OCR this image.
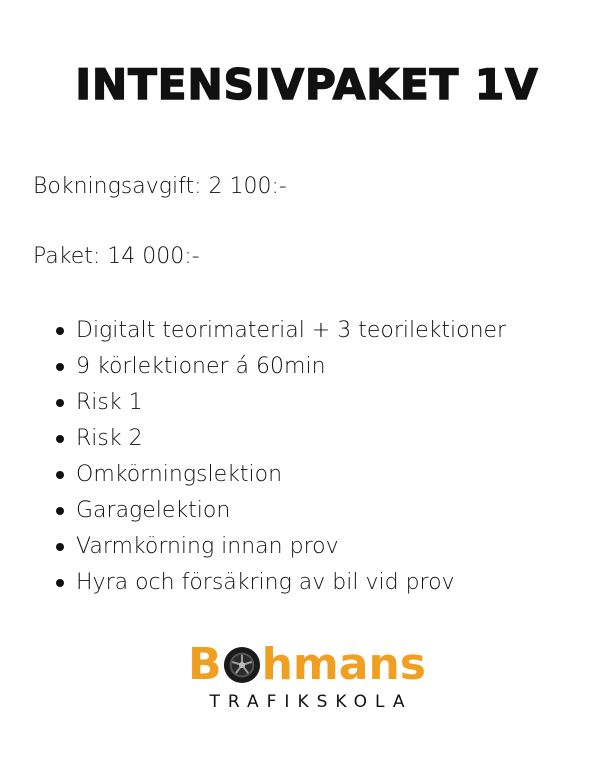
INTENSIVPAKET 1V

Bokningsavgift: 2 100:-

Paket: 14 000:-

Digitalt teorimaterial + 3 teorilektioner
9 körlektioner á 60min
Risk 1
Risk 2
Omkörningslektion
Garagelektion
Varmkörning innan prov
Hyra och försäkring av bil vid prov
B hmans
TRAFIKSKOLA
